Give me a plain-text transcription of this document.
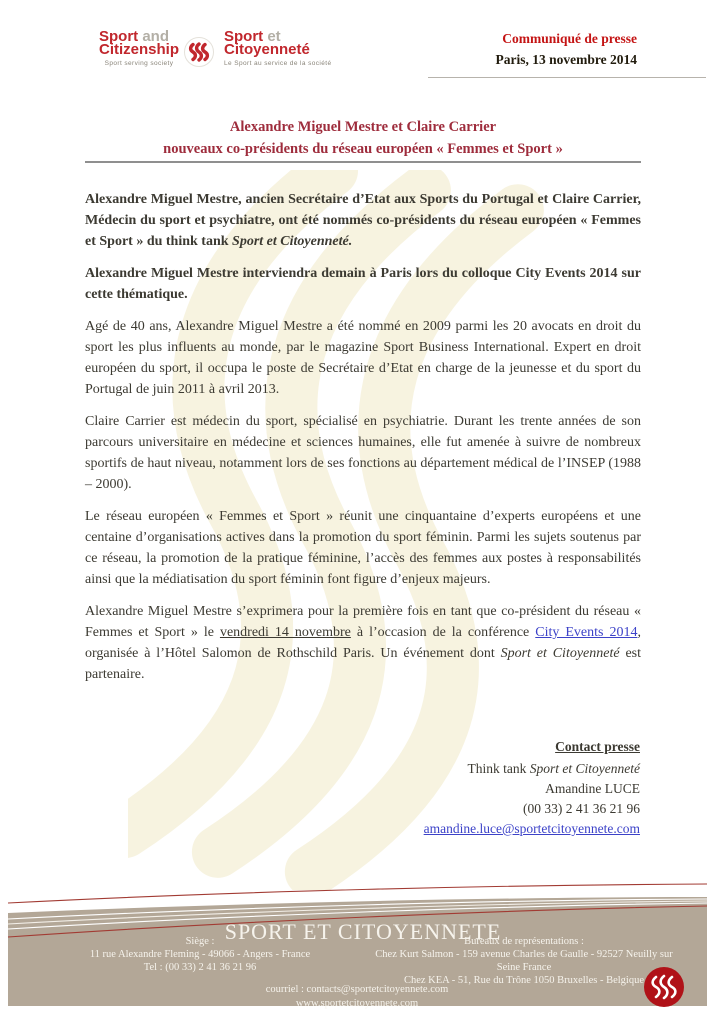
Sport and
Citizenship
Sport serving society
Sport et
Citoyenneté
Le Sport au service de la société
Communiqué de presse
Paris, 13 novembre 2014
Alexandre Miguel Mestre et Claire Carrier
nouveaux co-présidents du réseau européen « Femmes et Sport »

Alexandre Miguel Mestre, ancien Secrétaire d’Etat aux Sports du Portugal et Claire Carrier, Médecin du sport et psychiatre, ont été nommés co-présidents du réseau européen « Femmes et Sport » du think tank Sport et Citoyenneté.

Alexandre Miguel Mestre interviendra demain à Paris lors du colloque City Events 2014 sur cette thématique.

Agé de 40 ans, Alexandre Miguel Mestre a été nommé en 2009 parmi les 20 avocats en droit du sport les plus influents au monde, par le magazine Sport Business International. Expert en droit européen du sport, il occupa le poste de Secrétaire d’Etat en charge de la jeunesse et du sport du Portugal de juin 2011 à avril 2013.

Claire Carrier est médecin du sport, spécialisé en psychiatrie. Durant les trente années de son parcours universitaire en médecine et sciences humaines, elle fut amenée à suivre de nombreux sportifs de haut niveau, notamment lors de ses fonctions au département médical de l’INSEP (1988 – 2000).

Le réseau européen « Femmes et Sport » réunit une cinquantaine d’experts européens et une centaine d’organisations actives dans la promotion du sport féminin. Parmi les sujets soutenus par ce réseau, la promotion de la pratique féminine, l’accès des femmes aux postes à responsabilités ainsi que la médiatisation du sport féminin font figure d’enjeux majeurs.

Alexandre Miguel Mestre s’exprimera pour la première fois en tant que co-président du réseau « Femmes et Sport » le vendredi 14 novembre à l’occasion de la conférence City Events 2014, organisée à l’Hôtel Salomon de Rothschild Paris. Un événement dont Sport et Citoyenneté est partenaire.

Contact presse
Think tank Sport et Citoyenneté
Amandine LUCE
(00 33) 2 41 36 21 96
amandine.luce@sportetcitoyennete.com
SPORT ET CITOYENNETE
Siège :
11 rue Alexandre Fleming - 49066 - Angers - France
Tel : (00 33) 2 41 36 21 96
Bureaux de représentations :
Chez Kurt Salmon - 159 avenue Charles de Gaulle - 92527 Neuilly sur Seine France
Chez KEA - 51, Rue du Trône 1050 Bruxelles - Belgique
courriel : contacts@sportetcitoyennete.com
www.sportetcitoyennete.com
